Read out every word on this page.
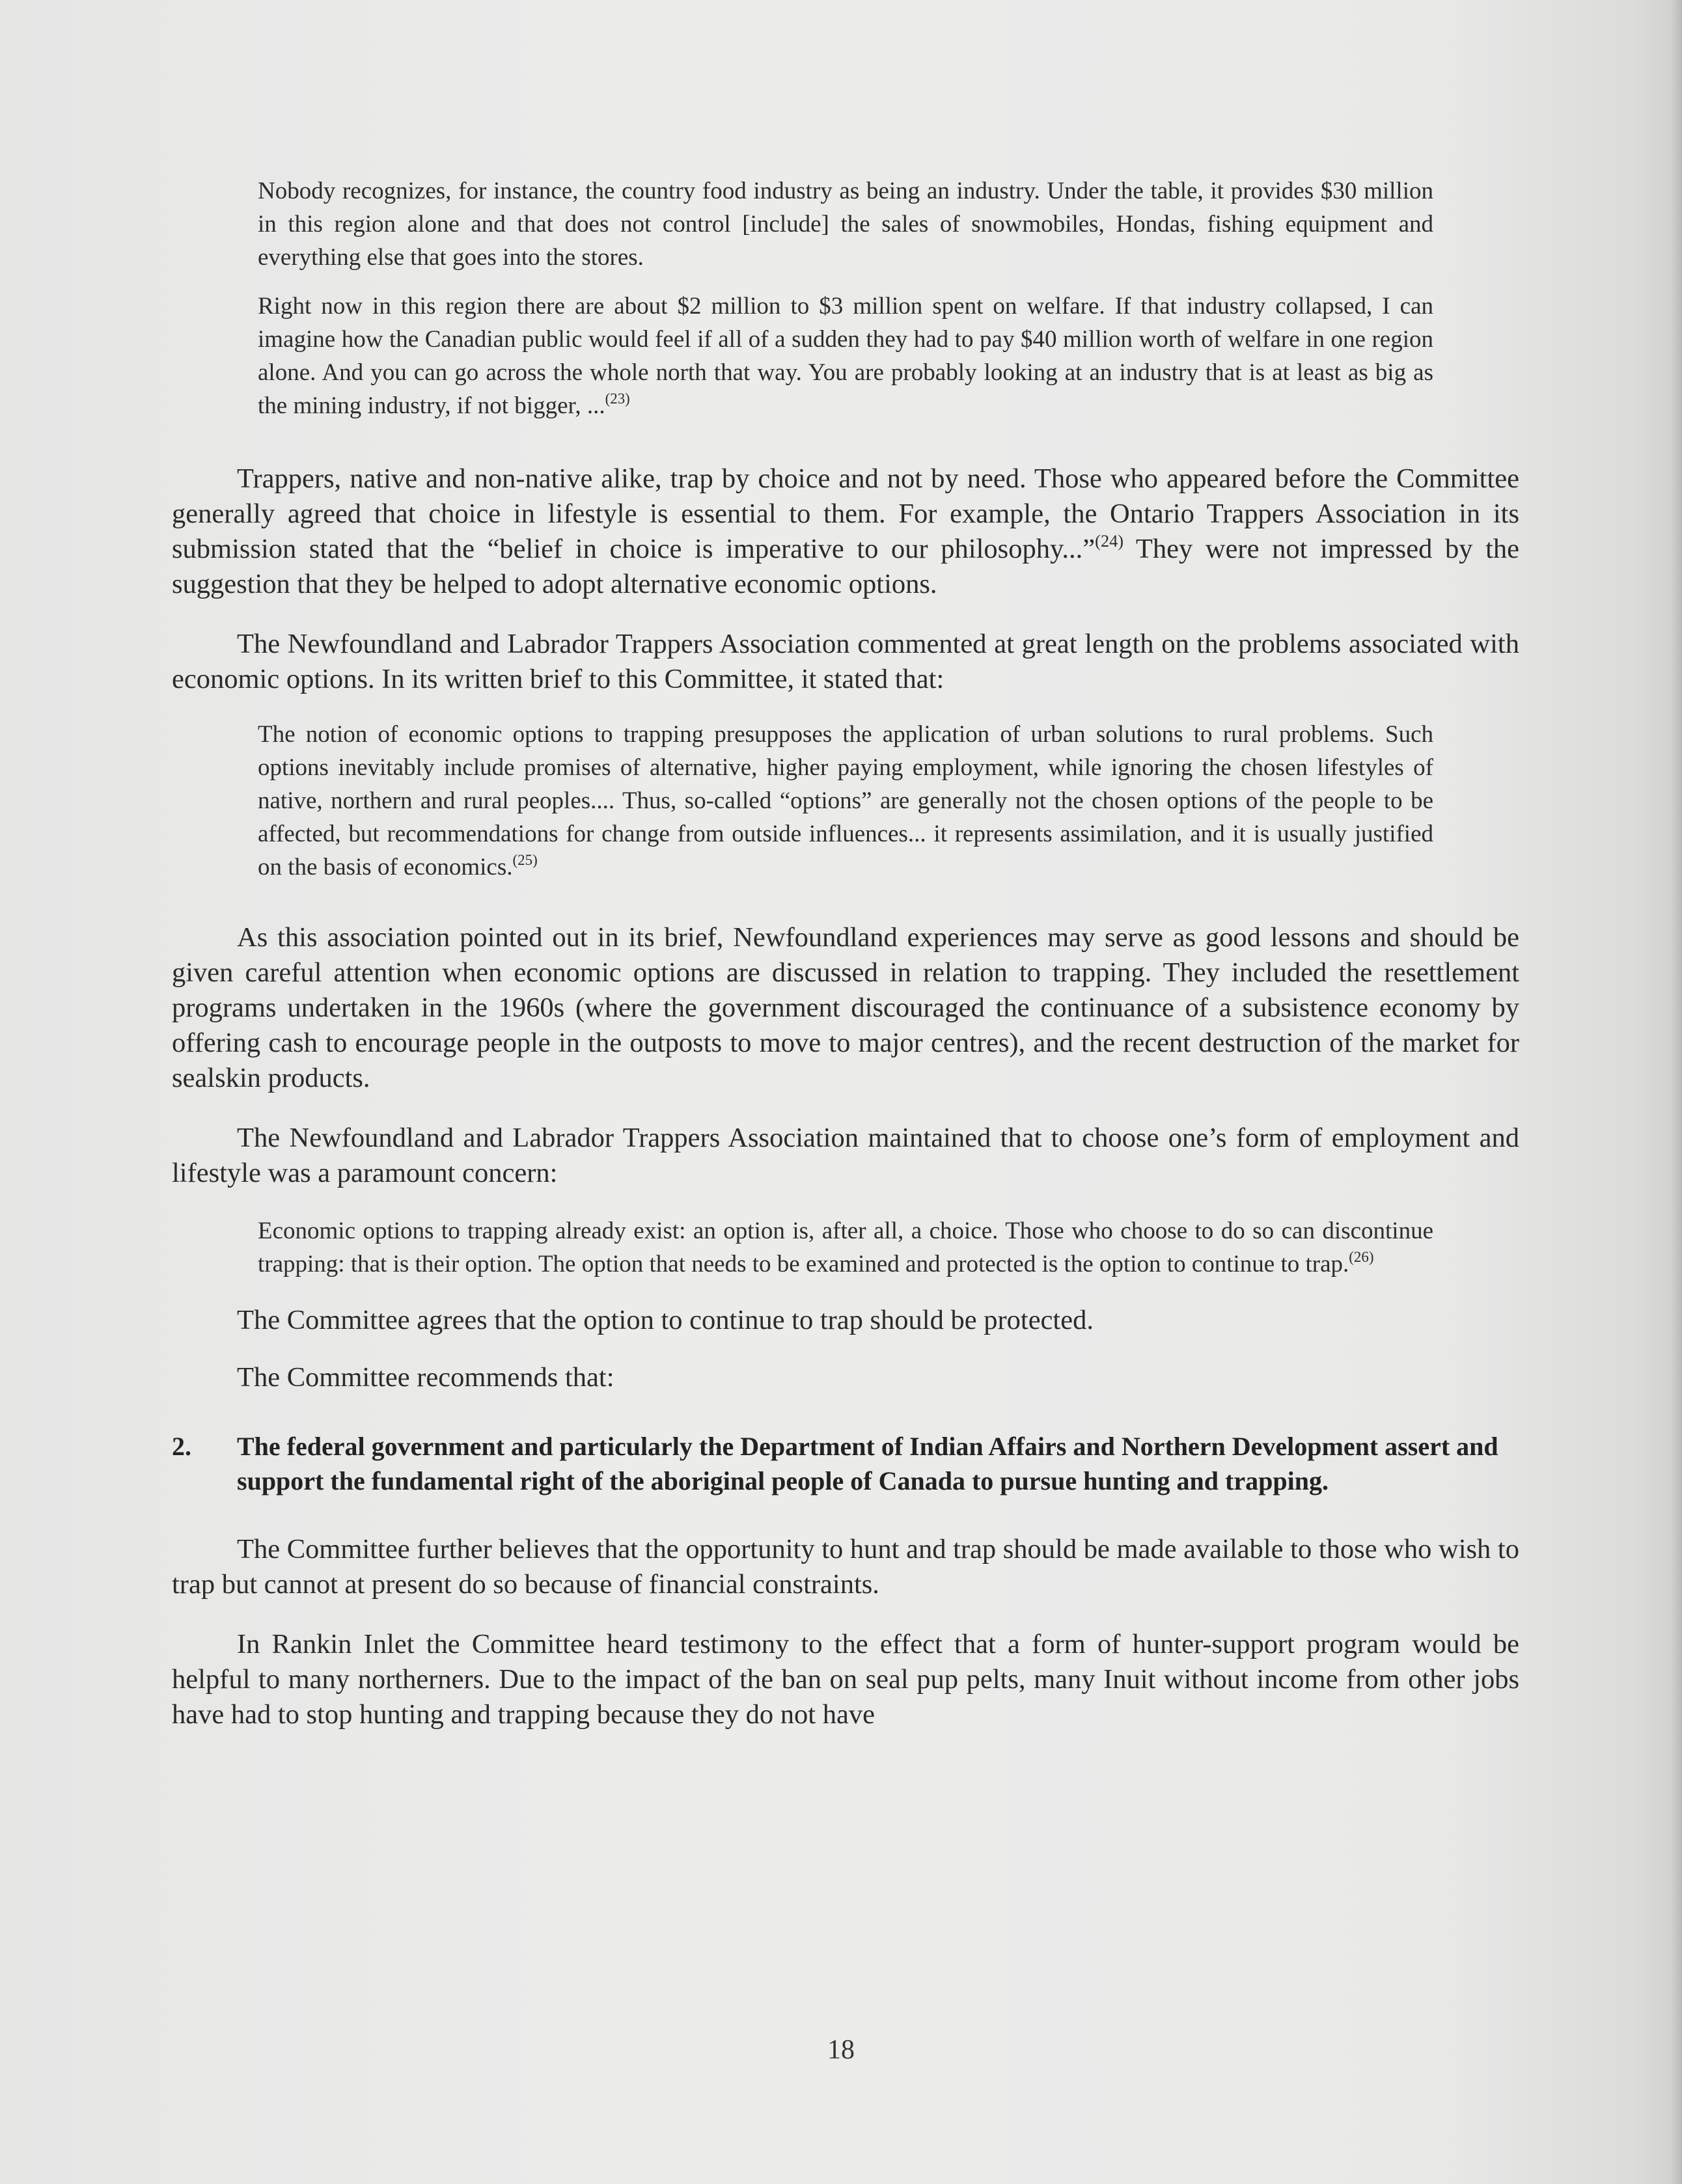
Nobody recognizes, for instance, the country food industry as being an industry. Under the table, it provides $30 million in this region alone and that does not control [include] the sales of snowmobiles, Hondas, fishing equipment and everything else that goes into the stores.

Right now in this region there are about $2 million to $3 million spent on welfare. If that industry collapsed, I can imagine how the Canadian public would feel if all of a sudden they had to pay $40 million worth of welfare in one region alone. And you can go across the whole north that way. You are probably looking at an industry that is at least as big as the mining industry, if not bigger, ...$^{(23)}$

Trappers, native and non-native alike, trap by choice and not by need. Those who appeared before the Committee generally agreed that choice in lifestyle is essential to them. For example, the Ontario Trappers Association in its submission stated that the “belief in choice is imperative to our philosophy...”$^{(24)}$ They were not impressed by the suggestion that they be helped to adopt alternative economic options.

The Newfoundland and Labrador Trappers Association commented at great length on the problems associated with economic options. In its written brief to this Committee, it stated that:

The notion of economic options to trapping presupposes the application of urban solutions to rural problems. Such options inevitably include promises of alternative, higher paying employment, while ignoring the chosen lifestyles of native, northern and rural peoples.... Thus, so-called “options” are generally not the chosen options of the people to be affected, but recommendations for change from outside influences... it represents assimilation, and it is usually justified on the basis of economics.$^{(25)}$

As this association pointed out in its brief, Newfoundland experiences may serve as good lessons and should be given careful attention when economic options are discussed in relation to trapping. They included the resettlement programs undertaken in the 1960s (where the government discouraged the continuance of a subsistence economy by offering cash to encourage people in the outposts to move to major centres), and the recent destruction of the market for sealskin products.

The Newfoundland and Labrador Trappers Association maintained that to choose one’s form of employment and lifestyle was a paramount concern:

Economic options to trapping already exist: an option is, after all, a choice. Those who choose to do so can discontinue trapping: that is their option. The option that needs to be examined and protected is the option to continue to trap.$^{(26)}$

The Committee agrees that the option to continue to trap should be protected.

The Committee recommends that:

2.	The federal government and particularly the Department of Indian Affairs and Northern Development assert and support the fundamental right of the aboriginal people of Canada to pursue hunting and trapping.

The Committee further believes that the opportunity to hunt and trap should be made available to those who wish to trap but cannot at present do so because of financial constraints.

In Rankin Inlet the Committee heard testimony to the effect that a form of hunter-support program would be helpful to many northerners. Due to the impact of the ban on seal pup pelts, many Inuit without income from other jobs have had to stop hunting and trapping because they do not have

18
